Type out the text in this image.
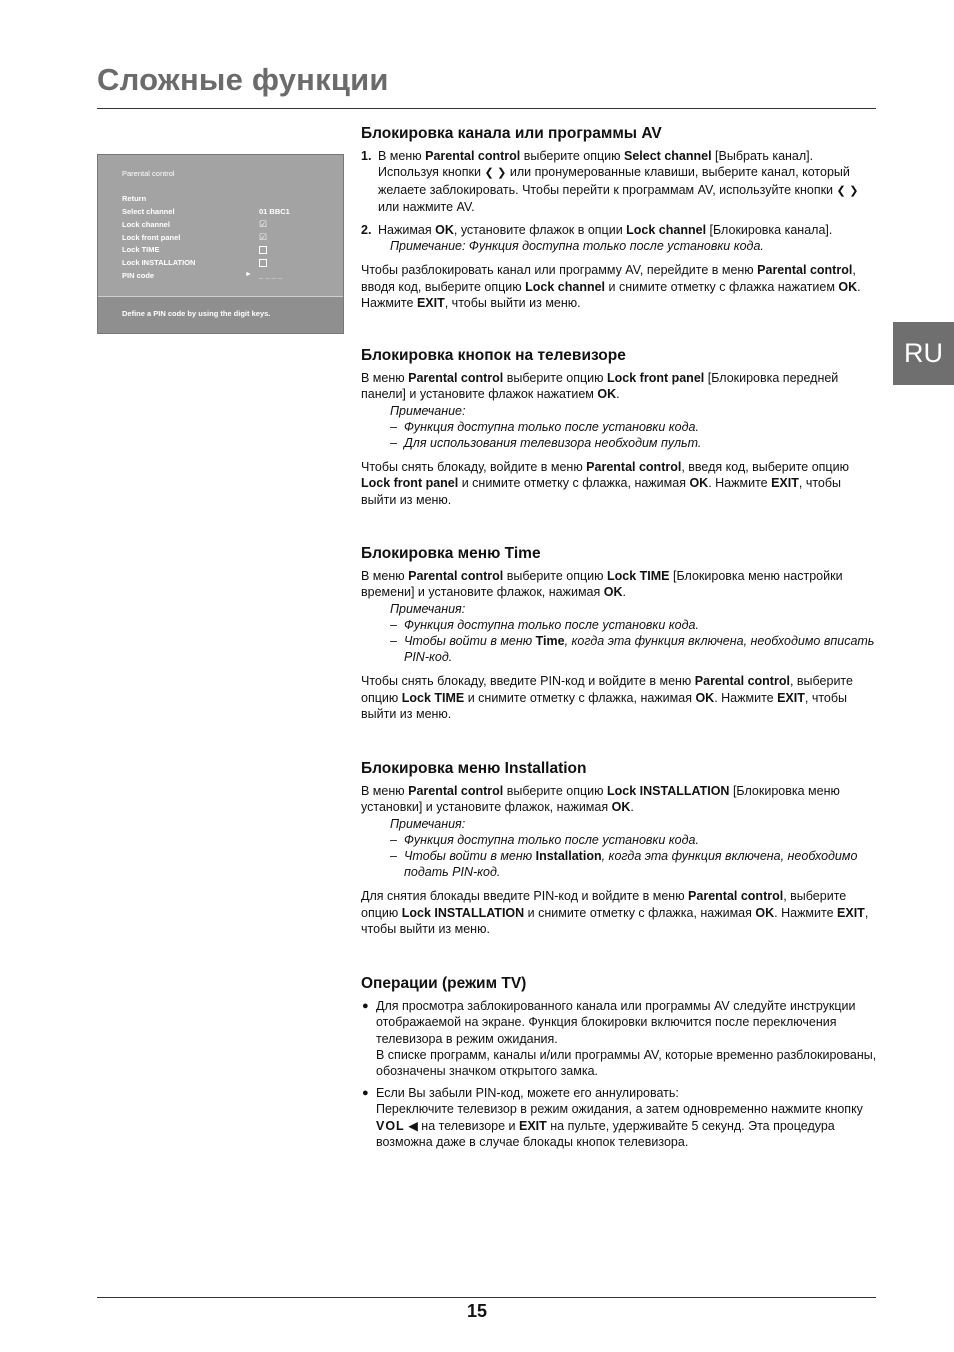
Сложные функции
RU
Parental control
Return
Select channel	01 BBC1
Lock channel	☑
Lock front panel	☑
Lock TIME
Lock INSTALLATION
PIN code	► _ _ _ _
Define a PIN code by using the digit keys.
Блокировка канала или программы AV
1. В меню Parental control выберите опцию Select channel [Выбрать канал]. Используя кнопки ❮ ❯ или пронумерованные клавиши, выберите канал, который желаете заблокировать. Чтобы перейти к программам AV, используйте кнопки ❮ ❯ или нажмите AV.
2. Нажимая OK, установите флажок в опции Lock channel [Блокировка канала].
Примечание: Функция доступна только после установки кода.

Чтобы разблокировать канал или программу AV, перейдите в меню Parental control, вводя код, выберите опцию Lock channel и снимите отметку с флажка нажатием OK. Нажмите EXIT, чтобы выйти из меню.

Блокировка кнопок на телевизоре

В меню Parental control выберите опцию Lock front panel [Блокировка передней панели] и установите флажок нажатием OK.

Примечание:
– Функция доступна только после установки кода.
– Для использования телевизора необходим пульт.

Чтобы снять блокаду, войдите в меню Parental control, введя код, выберите опцию Lock front panel и снимите отметку с флажка, нажимая OK. Нажмите EXIT, чтобы выйти из меню.

Блокировка меню Time

В меню Parental control выберите опцию Lock TIME [Блокировка меню настройки времени] и установите флажок, нажимая OK.

Примечания:
– Функция доступна только после установки кода.
– Чтобы войти в меню Time, когда эта функция включена, необходимо вписать PIN-код.

Чтобы снять блокаду, введите PIN-код и войдите в меню Parental control, выберите опцию Lock TIME и снимите отметку с флажка, нажимая OK. Нажмите EXIT, чтобы выйти из меню.

Блокировка меню Installation

В меню Parental control выберите опцию Lock INSTALLATION [Блокировка меню установки] и установите флажок, нажимая OK.

Примечания:
– Функция доступна только после установки кода.
– Чтобы войти в меню Installation, когда эта функция включена, необходимо подать PIN-код.

Для снятия блокады введите PIN-код и войдите в меню Parental control, выберите опцию Lock INSTALLATION и снимите отметку с флажка, нажимая OK. Нажмите EXIT, чтобы выйти из меню.

Операции (режим TV)
● Для просмотра заблокированного канала или программы AV следуйте инструкции отображаемой на экране. Функция блокировки включится после переключения телевизора в режим ожидания.
В списке программ, каналы и/или программы AV, которые временно разблокированы, обозначены значком открытого замка.
● Если Вы забыли PIN-код, можете его аннулировать:
Переключите телевизор в режим ожидания, а затем одновременно нажмите кнопку VOL ◀ на телевизоре и EXIT на пульте, удерживайте 5 секунд. Эта процедура возможна даже в случае блокады кнопок телевизора.
15
